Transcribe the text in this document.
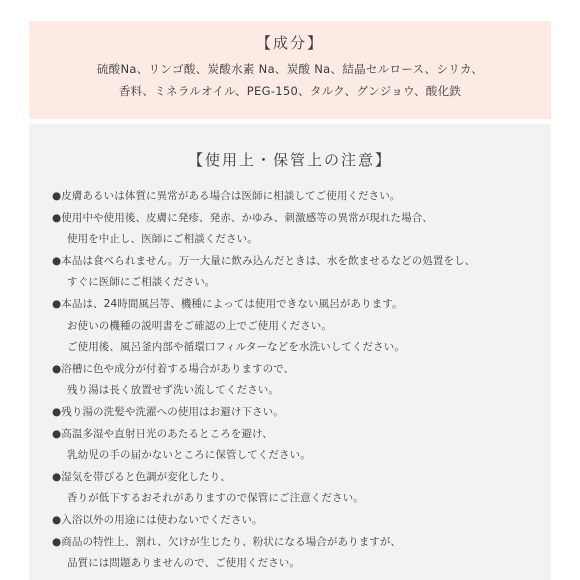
【成分】
硫酸Na、リンゴ酸、炭酸水素 Na、炭酸 Na、結晶セルロース、シリカ、
香料、ミネラルオイル、PEG-150、タルク、グンジョウ、酸化鉄
【使用上・保管上の注意】
●皮膚あるいは体質に異常がある場合は医師に相談してご使用ください。
●使用中や使用後、皮膚に発疹、発赤、かゆみ、刺激感等の異常が現れた場合、
使用を中止し、医師にご相談ください。
●本品は食べられません。万一大量に飲み込んだときは、水を飲ませるなどの処置をし、
すぐに医師にご相談ください。
●本品は、24時間風呂等、機種によっては使用できない風呂があります。
お使いの機種の説明書をご確認の上でご使用ください。
ご使用後、風呂釜内部や循環口フィルターなどを水洗いしてください。
●浴槽に色や成分が付着する場合がありますので、
残り湯は長く放置せず洗い流してください。
●残り湯の洗髪や洗濯への使用はお避け下さい。
●高温多湿や直射日光のあたるところを避け、
乳幼児の手の届かないところに保管してください。
●湿気を帯びると色調が変化したり、
香りが低下するおそれがありますので保管にご注意ください。
●入浴以外の用途には使わないでください。
●商品の特性上、割れ、欠けが生じたり、粉状になる場合がありますが、
品質には問題ありませんので、ご使用ください。
